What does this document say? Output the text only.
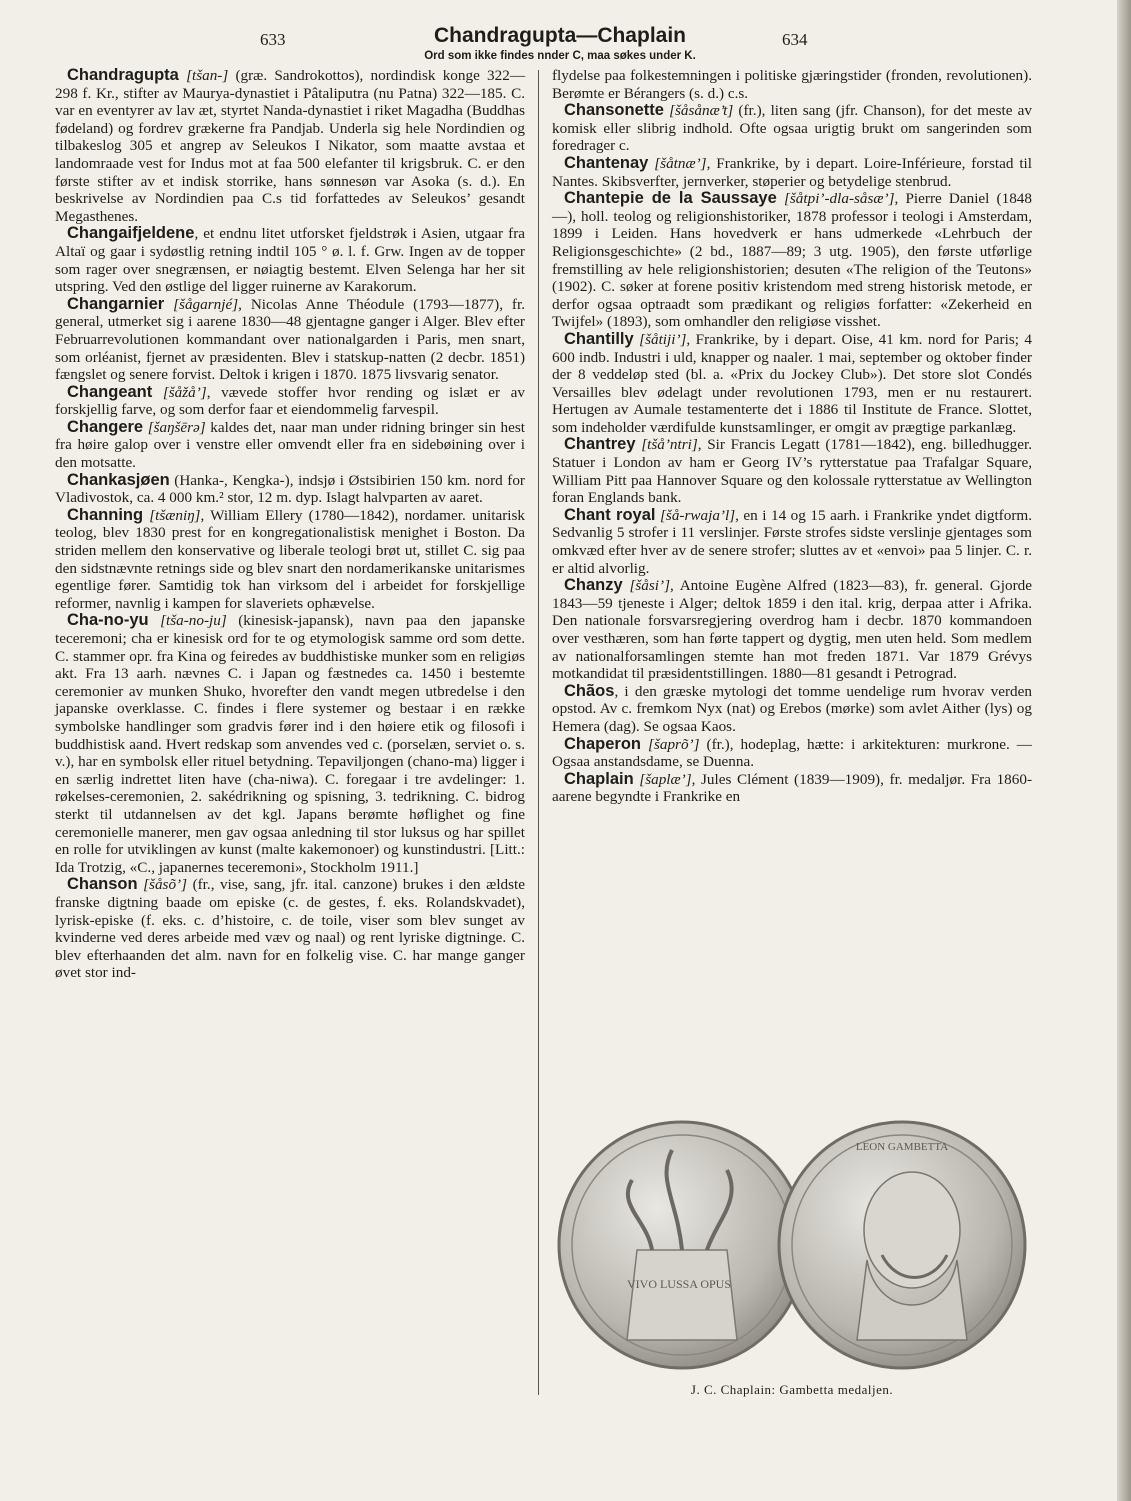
633	Chandragupta—Chaplain	634
Ord som ikke findes nnder C, maa søkes under K.

Chandragupta [tšan-] (græ. Sandrokottos), nordindisk konge 322—298 f. Kr., stifter av Maurya-dynastiet i Pâtaliputra (nu Patna) 322—185. C. var en eventyrer av lav æt, styrtet Nanda-dynastiet i riket Magadha (Buddhas fødeland) og fordrev grækerne fra Pandjab. Underla sig hele Nordindien og tilbakeslog 305 et angrep av Seleukos I Nikator, som maatte avstaa et landomraade vest for Indus mot at faa 500 elefanter til krigsbruk. C. er den første stifter av et indisk storrike, hans sønnesøn var Asoka (s. d.). En beskrivelse av Nordindien paa C.s tid forfattedes av Seleukos’ gesandt Megasthenes.

Changaifjeldene, et endnu litet utforsket fjeldstrøk i Asien, utgaar fra Altaï og gaar i sydøstlig retning indtil 105 ° ø. l. f. Grw. Ingen av de topper som rager over snegrænsen, er nøiagtig bestemt. Elven Selenga har her sit utspring. Ved den østlige del ligger ruinerne av Karakorum.

Changarnier [šågarnjé], Nicolas Anne Théodule (1793—1877), fr. general, utmerket sig i aarene 1830—48 gjentagne ganger i Alger. Blev efter Februarrevolutionen kommandant over nationalgarden i Paris, men snart, som orléanist, fjernet av præsidenten. Blev i statskup-natten (2 decbr. 1851) fængslet og senere forvist. Deltok i krigen i 1870. 1875 livsvarig senator.

Changeant [šåžå’], vævede stoffer hvor rending og islæt er av forskjellig farve, og som derfor faar et eiendommelig farvespil.

Changere [šaŋšērə] kaldes det, naar man under ridning bringer sin hest fra høire galop over i venstre eller omvendt eller fra en sidebøining over i den motsatte.

Chankasjøen (Hanka-, Kengka-), indsjø i Østsibirien 150 km. nord for Vladivostok, ca. 4 000 km.² stor, 12 m. dyp. Islagt halvparten av aaret.

Channing [tšæniŋ], William Ellery (1780—1842), nordamer. unitarisk teolog, blev 1830 prest for en kongregationalistisk menighet i Boston. Da striden mellem den konservative og liberale teologi brøt ut, stillet C. sig paa den sidstnævnte retnings side og blev snart den nordamerikanske unitarismes egentlige fører. Samtidig tok han virksom del i arbeidet for forskjellige reformer, navnlig i kampen for slaveriets ophævelse.

Cha-no-yu [tša-no-ju] (kinesisk-japansk), navn paa den japanske teceremoni; cha er kinesisk ord for te og etymologisk samme ord som dette. C. stammer opr. fra Kina og feiredes av buddhistiske munker som en religiøs akt. Fra 13 aarh. nævnes C. i Japan og fæstnedes ca. 1450 i bestemte ceremonier av munken Shuko, hvorefter den vandt megen utbredelse i den japanske overklasse. C. findes i flere systemer og bestaar i en række symbolske handlinger som gradvis fører ind i den høiere etik og filosofi i buddhistisk aand. Hvert redskap som anvendes ved c. (porselæn, serviet o. s. v.), har en symbolsk eller rituel betydning. Tepaviljongen (chano-ma) ligger i en særlig indrettet liten have (cha-niwa). C. foregaar i tre avdelinger: 1. røkelses-ceremonien, 2. sakédrikning og spisning, 3. tedrikning. C. bidrog sterkt til utdannelsen av det kgl. Japans berømte høflighet og fine ceremonielle manerer, men gav ogsaa anledning til stor luksus og har spillet en rolle for utviklingen av kunst (malte kakemonoer) og kunstindustri. [Litt.: Ida Trotzig, «C., japanernes teceremoni», Stockholm 1911.]

Chanson [šåsõ’] (fr., vise, sang, jfr. ital. canzone) brukes i den ældste franske digtning baade om episke (c. de gestes, f. eks. Rolandskvadet), lyrisk-episke (f. eks. c. d’histoire, c. de toile, viser som blev sunget av kvinderne ved deres arbeide med væv og naal) og rent lyriske digtninge. C. blev efterhaanden det alm. navn for en folkelig vise. C. har mange ganger øvet stor ind-

flydelse paa folkestemningen i politiske gjæringstider (fronden, revolutionen). Berømte er Bérangers (s. d.) c.s.

Chansonette [šåsånæ’t] (fr.), liten sang (jfr. Chanson), for det meste av komisk eller slibrig indhold. Ofte ogsaa urigtig brukt om sangerinden som foredrager c.

Chantenay [šåtnæ’], Frankrike, by i depart. Loire-Inférieure, forstad til Nantes. Skibsverfter, jernverker, støperier og betydelige stenbrud.

Chantepie de la Saussaye [šåtpi’-dla-såsæ’], Pierre Daniel (1848—), holl. teolog og religionshistoriker, 1878 professor i teologi i Amsterdam, 1899 i Leiden. Hans hovedverk er hans udmerkede «Lehrbuch der Religionsgeschichte» (2 bd., 1887—89; 3 utg. 1905), den første utførlige fremstilling av hele religionshistorien; desuten «The religion of the Teutons» (1902). C. søker at forene positiv kristendom med streng historisk metode, er derfor ogsaa optraadt som prædikant og religiøs forfatter: «Zekerheid en Twijfel» (1893), som omhandler den religiøse visshet.

Chantilly [šåtiji’], Frankrike, by i depart. Oise, 41 km. nord for Paris; 4 600 indb. Industri i uld, knapper og naaler. 1 mai, september og oktober finder der 8 veddeløp sted (bl. a. «Prix du Jockey Club»). Det store slot Condés Versailles blev ødelagt under revolutionen 1793, men er nu restaurert. Hertugen av Aumale testamenterte det i 1886 til Institute de France. Slottet, som indeholder værdifulde kunstsamlinger, er omgit av prægtige parkanlæg.

Chantrey [tšå’ntri], Sir Francis Legatt (1781—1842), eng. billedhugger. Statuer i London av ham er Georg IV’s rytterstatue paa Trafalgar Square, William Pitt paa Hannover Square og den kolossale rytterstatue av Wellington foran Englands bank.

Chant royal [šå-rwaja’l], en i 14 og 15 aarh. i Frankrike yndet digtform. Sedvanlig 5 strofer i 11 verslinjer. Første strofes sidste verslinje gjentages som omkvæd efter hver av de senere strofer; sluttes av et «envoi» paa 5 linjer. C. r. er altid alvorlig.

Chanzy [šåsi’], Antoine Eugène Alfred (1823—83), fr. general. Gjorde 1843—59 tjeneste i Alger; deltok 1859 i den ital. krig, derpaa atter i Afrika. Den nationale forsvarsregjering overdrog ham i decbr. 1870 kommandoen over vesthæren, som han førte tappert og dygtig, men uten held. Som medlem av nationalforsamlingen stemte han mot freden 1871. Var 1879 Grévys motkandidat til præsidentstillingen. 1880—81 gesandt i Petrograd.

Chãos, i den græske mytologi det tomme uendelige rum hvorav verden opstod. Av c. fremkom Nyx (nat) og Erebos (mørke) som avlet Aither (lys) og Hemera (dag). Se ogsaa Kaos.

Chaperon [šaprõ’] (fr.), hodeplag, hætte: i arkitekturen: murkrone. — Ogsaa anstandsdame, se Duenna.

Chaplain [šaplæ’], Jules Clément (1839—1909), fr. medaljør. Fra 1860-aarene begyndte i Frankrike en

VIVO LUSSA OPUS
LEON GAMBETTA
J. C. Chaplain: Gambetta medaljen.
